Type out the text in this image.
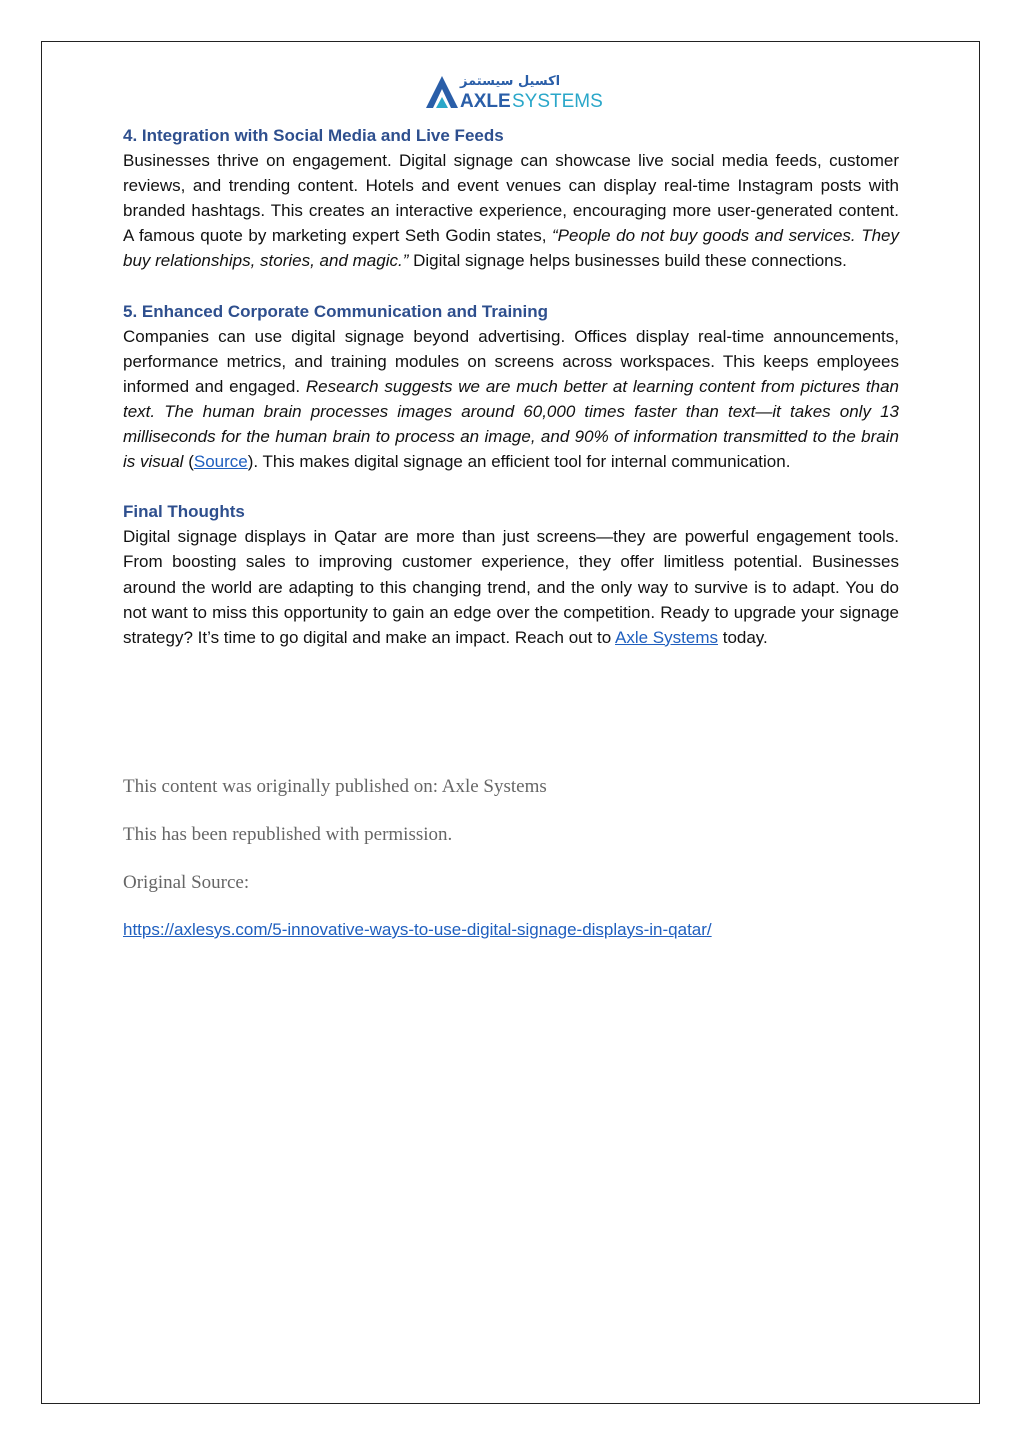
اكسيل سيستمز
AXLE SYSTEMS
4. Integration with Social Media and Live Feeds

Businesses thrive on engagement. Digital signage can showcase live social media feeds, customer reviews, and trending content. Hotels and event venues can display real-time Instagram posts with branded hashtags. This creates an interactive experience, encouraging more user-generated content. A famous quote by marketing expert Seth Godin states, “People do not buy goods and services. They buy relationships, stories, and magic.” Digital signage helps businesses build these connections.

5. Enhanced Corporate Communication and Training

Companies can use digital signage beyond advertising. Offices display real-time announcements, performance metrics, and training modules on screens across workspaces. This keeps employees informed and engaged. Research suggests we are much better at learning content from pictures than text. The human brain processes images around 60,000 times faster than text—it takes only 13 milliseconds for the human brain to process an image, and 90% of information transmitted to the brain is visual (Source). This makes digital signage an efficient tool for internal communication.

Final Thoughts

Digital signage displays in Qatar are more than just screens—they are powerful engagement tools. From boosting sales to improving customer experience, they offer limitless potential. Businesses around the world are adapting to this changing trend, and the only way to survive is to adapt. You do not want to miss this opportunity to gain an edge over the competition. Ready to upgrade your signage strategy? It’s time to go digital and make an impact. Reach out to Axle Systems today.

This content was originally published on: Axle Systems

This has been republished with permission.

Original Source:

https://axlesys.com/5-innovative-ways-to-use-digital-signage-displays-in-qatar/
